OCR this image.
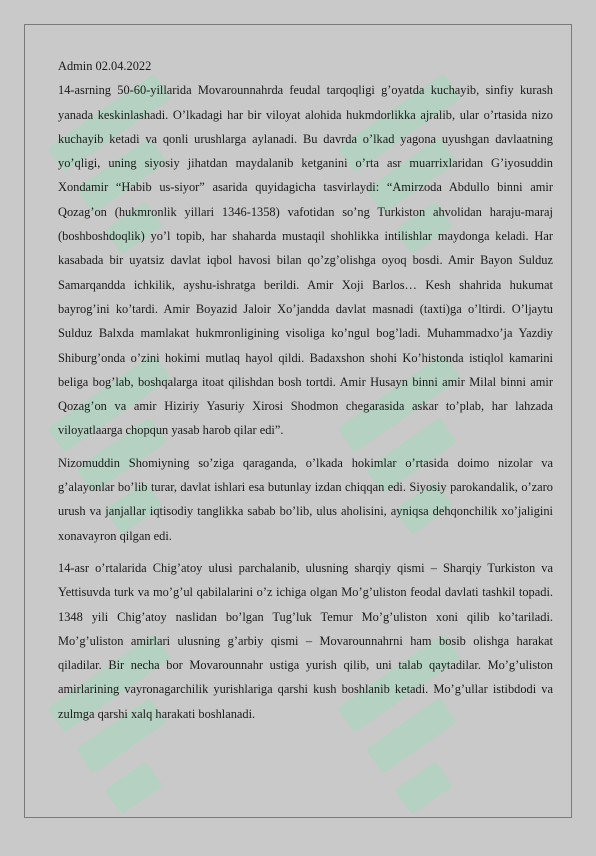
Admin 02.04.2022

14-asrning 50-60-yillarida Movarounnahrda feudal tarqoqligi g’oyatda kuchayib, sinfiy kurash yanada keskinlashadi. O’lkadagi har bir viloyat alohida hukmdorlikka ajralib, ular o’rtasida nizo kuchayib ketadi va qonli urushlarga aylanadi. Bu davrda o’lkad yagona uyushgan davlaatning yo’qligi, uning siyosiy jihatdan maydalanib ketganini o’rta asr muarrixlaridan G’iyosuddin Xondamir “Habib us-siyor” asarida quyidagicha tasvirlaydi: “Amirzoda Abdullo binni amir Qozag’on (hukmronlik yillari 1346-1358) vafotidan so’ng Turkiston ahvolidan haraju-maraj (boshboshdoqlik) yo’l topib, har shaharda mustaqil shohlikka intilishlar maydonga keladi. Har kasabada bir uyatsiz davlat iqbol havosi bilan qo’zg’olishga oyoq bosdi. Amir Bayon Sulduz Samarqandda ichkilik, ayshu-ishratga berildi. Amir Xoji Barlos… Kesh shahrida hukumat bayrog’ini ko’tardi. Amir Boyazid Jaloir Xo’jandda davlat masnadi (taxti)ga o’ltirdi. O’ljaytu Sulduz Balxda mamlakat hukmronligining visoliga ko’ngul bog’ladi. Muhammadxo’ja Yazdiy Shiburg’onda o’zini hokimi mutlaq hayol qildi. Badaxshon shohi Ko’histonda istiqlol kamarini beliga bog’lab, boshqalarga itoat qilishdan bosh tortdi. Amir Husayn binni amir Milal binni amir Qozag’on va amir Hiziriy Yasuriy Xirosi Shodmon chegarasida askar to’plab, har lahzada viloyatlaarga chopqun yasab harob qilar edi”.

Nizomuddin Shomiyning so’ziga qaraganda, o’lkada hokimlar o’rtasida doimo nizolar va g’alayonlar bo’lib turar, davlat ishlari esa butunlay izdan chiqqan edi. Siyosiy parokandalik, o’zaro urush va janjallar iqtisodiy tanglikka sabab bo’lib, ulus aholisini, ayniqsa dehqonchilik xo’jaligini xonavayron qilgan edi.

14-asr o’rtalarida Chig’atoy ulusi parchalanib, ulusning sharqiy qismi – Sharqiy Turkiston va Yettisuvda turk va mo’g’ul qabilalarini o’z ichiga olgan Mo’g’uliston feodal davlati tashkil topadi. 1348 yili Chig’atoy naslidan bo’lgan Tug’luk Temur Mo’g’uliston xoni qilib ko’tariladi. Mo’g’uliston amirlari ulusning g’arbiy qismi – Movarounnahrni ham bosib olishga harakat qiladilar. Bir necha bor Movarounnahr ustiga yurish qilib, uni talab qaytadilar. Mo’g’uliston amirlarining vayronagarchilik yurishlariga qarshi kush boshlanib ketadi. Mo’g’ullar istibdodi va zulmga qarshi xalq harakati boshlanadi.
